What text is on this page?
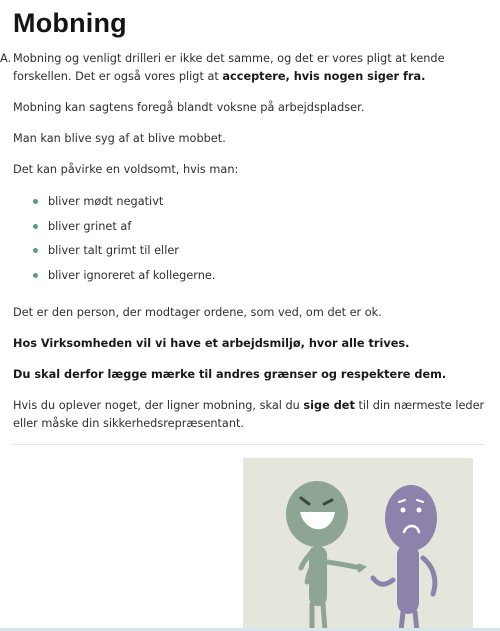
Mobning

A. Mobning og venligt drilleri er ikke det samme, og det er vores pligt at kende
forskellen. Det er også vores pligt at acceptere, hvis nogen siger fra.

Mobning kan sagtens foregå blandt voksne på arbejdspladser.

Man kan blive syg af at blive mobbet.

Det kan påvirke en voldsomt, hvis man:

bliver mødt negativt
bliver grinet af
bliver talt grimt til eller
bliver ignoreret af kollegerne.

Det er den person, der modtager ordene, som ved, om det er ok.

Hos Virksomheden vil vi have et arbejdsmiljø, hvor alle trives.

Du skal derfor lægge mærke til andres grænser og respektere dem.

Hvis du oplever noget, der ligner mobning, skal du sige det til din nærmeste leder
eller måske din sikkerhedsrepræsentant.
